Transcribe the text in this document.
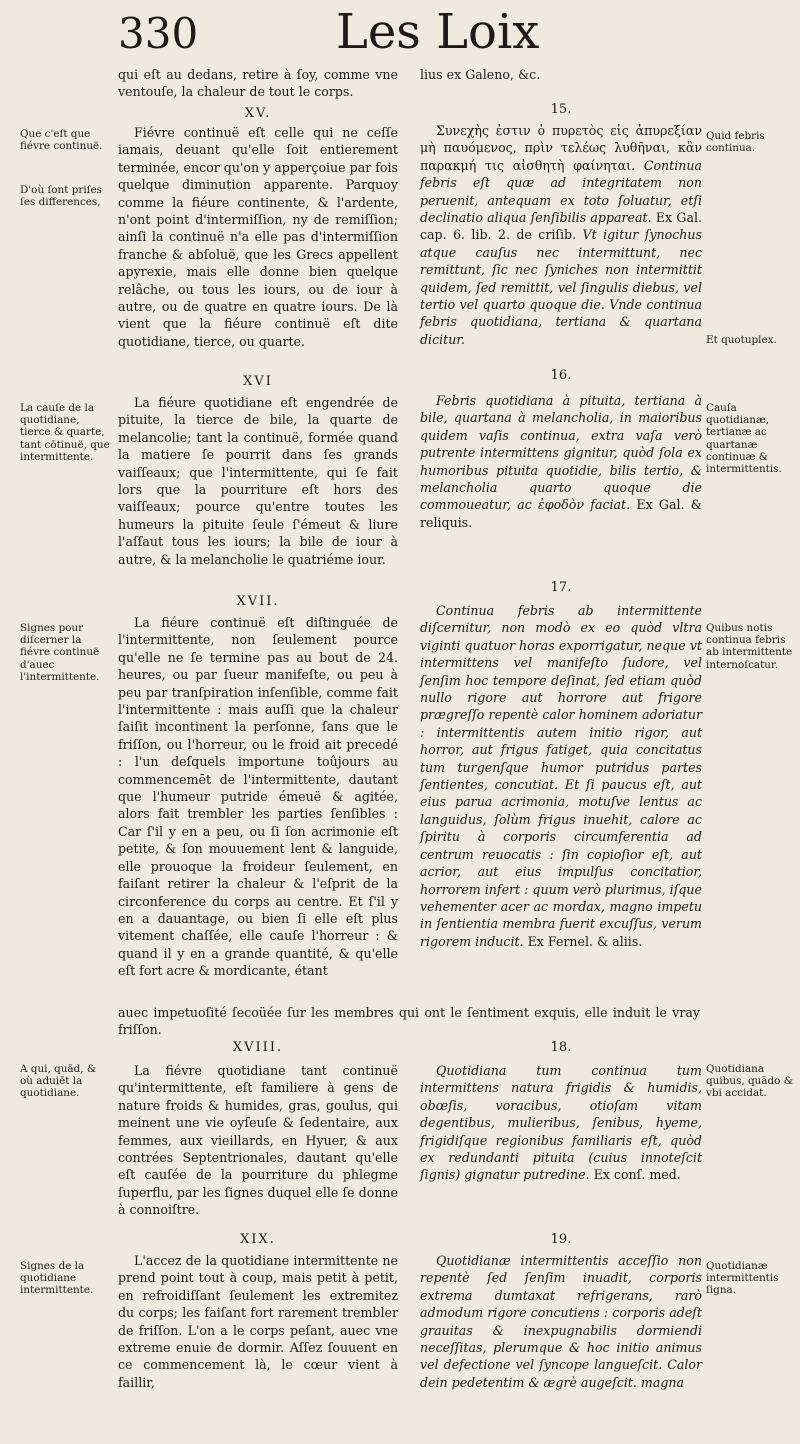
330	Les Loix
Que c'eſt que fiévre continuë.
D'où ſont priſes ſes differences,
La cauſe de la quotidiane, tierce & quarte, tant cōtinuë, que intermittente.
Signes pour diſcerner la fiévre continuë d'auec l'intermittente.
A qui, quād, & où aduiēt la quotidiane.
Signes de la quotidiane intermittente.
Quid febris continua.
Et quotuplex.
Cauſa quotidianæ, tertianæ ac quartanæ continuæ & intermittentis.
Quibus notis continua febris ab intermittente internoſcatur.
Quotidiana quibus, quādo & vbi accidat.
Quotidianæ intermittentis ſigna.
qui eſt au dedans, retire à ſoy, comme vne ventouſe, la chaleur de tout le corps.
XV.
Fiévre continuë eſt celle qui ne ceſſe iamais, deuant qu'elle ſoit entierement terminée, encor qu'on y apperçoiue par fois quelque diminution apparente. Parquoy comme la fiéure continente, & l'ardente, n'ont point d'intermiſſion, ny de remiſſion; ainſi la continuë n'a elle pas d'intermiſſion franche & abſoluë, que les Grecs appellent apyrexie, mais elle donne bien quelque relâche, ou tous les iours, ou de iour à autre, ou de quatre en quatre iours. De là vient que la fiéure continuë eſt dite quotidiane, tierce, ou quarte.
XVI
La fiéure quotidiane eſt engendrée de pituite, la tierce de bile, la quarte de melancolie; tant la continuë, formée quand la matiere ſe pourrit dans ſes grands vaiſſeaux; que l'intermittente, qui ſe fait lors que la pourriture eſt hors des vaiſſeaux; pource qu'entre toutes les humeurs la pituite ſeule ſ'émeut & liure l'aſſaut tous les iours; la bile de iour à autre, & la melancholie le quatriéme iour.
XVII.
La fiéure continuë eſt diſtinguée de l'intermittente, non ſeulement pource qu'elle ne ſe termine pas au bout de 24. heures, ou par ſueur manifeſte, ou peu à peu par tranſpiration inſenſible, comme fait l'intermittente : mais auſſi que la chaleur ſaiſit incontinent la perſonne, ſans que le friſſon, ou l'horreur, ou le froid ait precedé : l'un deſquels importune toûjours au commencemēt de l'intermittente, dautant que l'humeur putride émeuë & agitée, alors fait trembler les parties ſenſibles : Car ſ'il y en a peu, ou ſi ſon acrimonie eſt petite, & ſon mouuement lent & languide, elle prouoque la froideur ſeulement, en faiſant retirer la chaleur & l'eſprit de la circonference du corps au centre. Et ſ'il y en a dauantage, ou bien ſi elle eſt plus vitement chaſſée, elle cauſe l'horreur : & quand il y en a grande quantité, & qu'elle eſt fort acre & mordicante, étant
auec impetuoſité ſecoüée ſur les membres qui ont le ſentiment exquis, elle induit le vray friſſon.
XVIII.
La fiévre quotidiane tant continuë qu'intermittente, eſt familiere à gens de nature froids & humides, gras, goulus, qui meinent une vie oyſeuſe & ſedentaire, aux femmes, aux vieillards, en Hyuer, & aux contrées Septentrionales, dautant qu'elle eſt cauſée de la pourriture du phlegme ſuperflu, par les ſignes duquel elle ſe donne à connoiſtre.
XIX.
L'accez de la quotidiane intermittente ne prend point tout à coup, mais petit à petit, en refroidiſſant ſeulement les extremitez du corps; les faiſant fort rarement trembler de friſſon. L'on a le corps peſant, auec vne extreme enuie de dormir. Aſſez ſouuent en ce commencement là, le cœur vient à faillir,
lius ex Galeno, &c.
15.
Συνεχὴς ἐστιν ὁ πυρετὸς εἰς ἀπυρεξίαν μὴ παυόμενος, πρὶν τελέως λυθῆναι, κἂν παρακμή τις αἰσθητὴ φαίνηται. Continua febris eſt quæ ad integritatem non peruenit, antequam ex toto ſoluatur, etſi declinatio aliqua ſenſibilis appareat. Ex Gal. cap. 6. lib. 2. de criſib. Vt igitur ſynochus atque cauſus nec intermittunt, nec remittunt, ſic nec ſyniches non intermittit quidem, ſed remittit, vel ſingulis diebus, vel tertio vel quarto quoque die. Vnde continua febris quotidiana, tertiana & quartana dicitur.
16.
Febris quotidiana à pituita, tertiana à bile, quartana à melancholia, in maioribus quidem vaſis continua, extra vaſa verò putrente intermittens gignitur, quòd ſola ex humoribus pituita quotidie, bilis tertio, & melancholia quarto quoque die commoueatur, ac ἐφοδὸν faciat. Ex Gal. & reliquis.
17.
Continua febris ab intermittente diſcernitur, non modò ex eo quòd vltra viginti quatuor horas exporrigatur, neque vt intermittens vel manifeſto ſudore, vel ſenſim hoc tempore deſinat, ſed etiam quòd nullo rigore aut horrore aut frigore prægreſſo repentè calor hominem adoriatur : intermittentis autem initio rigor, aut horror, aut frigus fatiget, quia concitatus tum turgenſque humor putridus partes ſentientes, concutiat. Et ſi paucus eſt, aut eius parua acrimonia, motuſve lentus ac languidus, ſolùm frigus inuehit, calore ac ſpiritu à corporis circumferentia ad centrum reuocatis : ſin copioſior eſt, aut acrior, aut eius impulſus concitatior, horrorem infert : quum verò plurimus, iſque vehementer acer ac mordax, magno impetu in ſentientia membra fuerit excuſſus, verum rigorem inducit. Ex Fernel. & aliis.
18.
Quotidiana tum continua tum intermittens natura frigidis & humidis, obœſis, voracibus, otioſam vitam degentibus, mulieribus, ſenibus, hyeme, frigidiſque regionibus familiaris eſt, quòd ex redundanti pituita (cuius innoteſcit ſignis) gignatur putredine. Ex conſ. med.
19.
Quotidianæ intermittentis acceſſio non repentè ſed ſenſim inuadit, corporis extrema dumtaxat refrigerans, rarò admodum rigore concutiens : corporis adeſt grauitas & inexpugnabilis dormiendi neceſſitas, plerumque & hoc initio animus vel defectione vel ſyncope langueſcit. Calor dein pedetentim & ægrè augeſcit. magna
